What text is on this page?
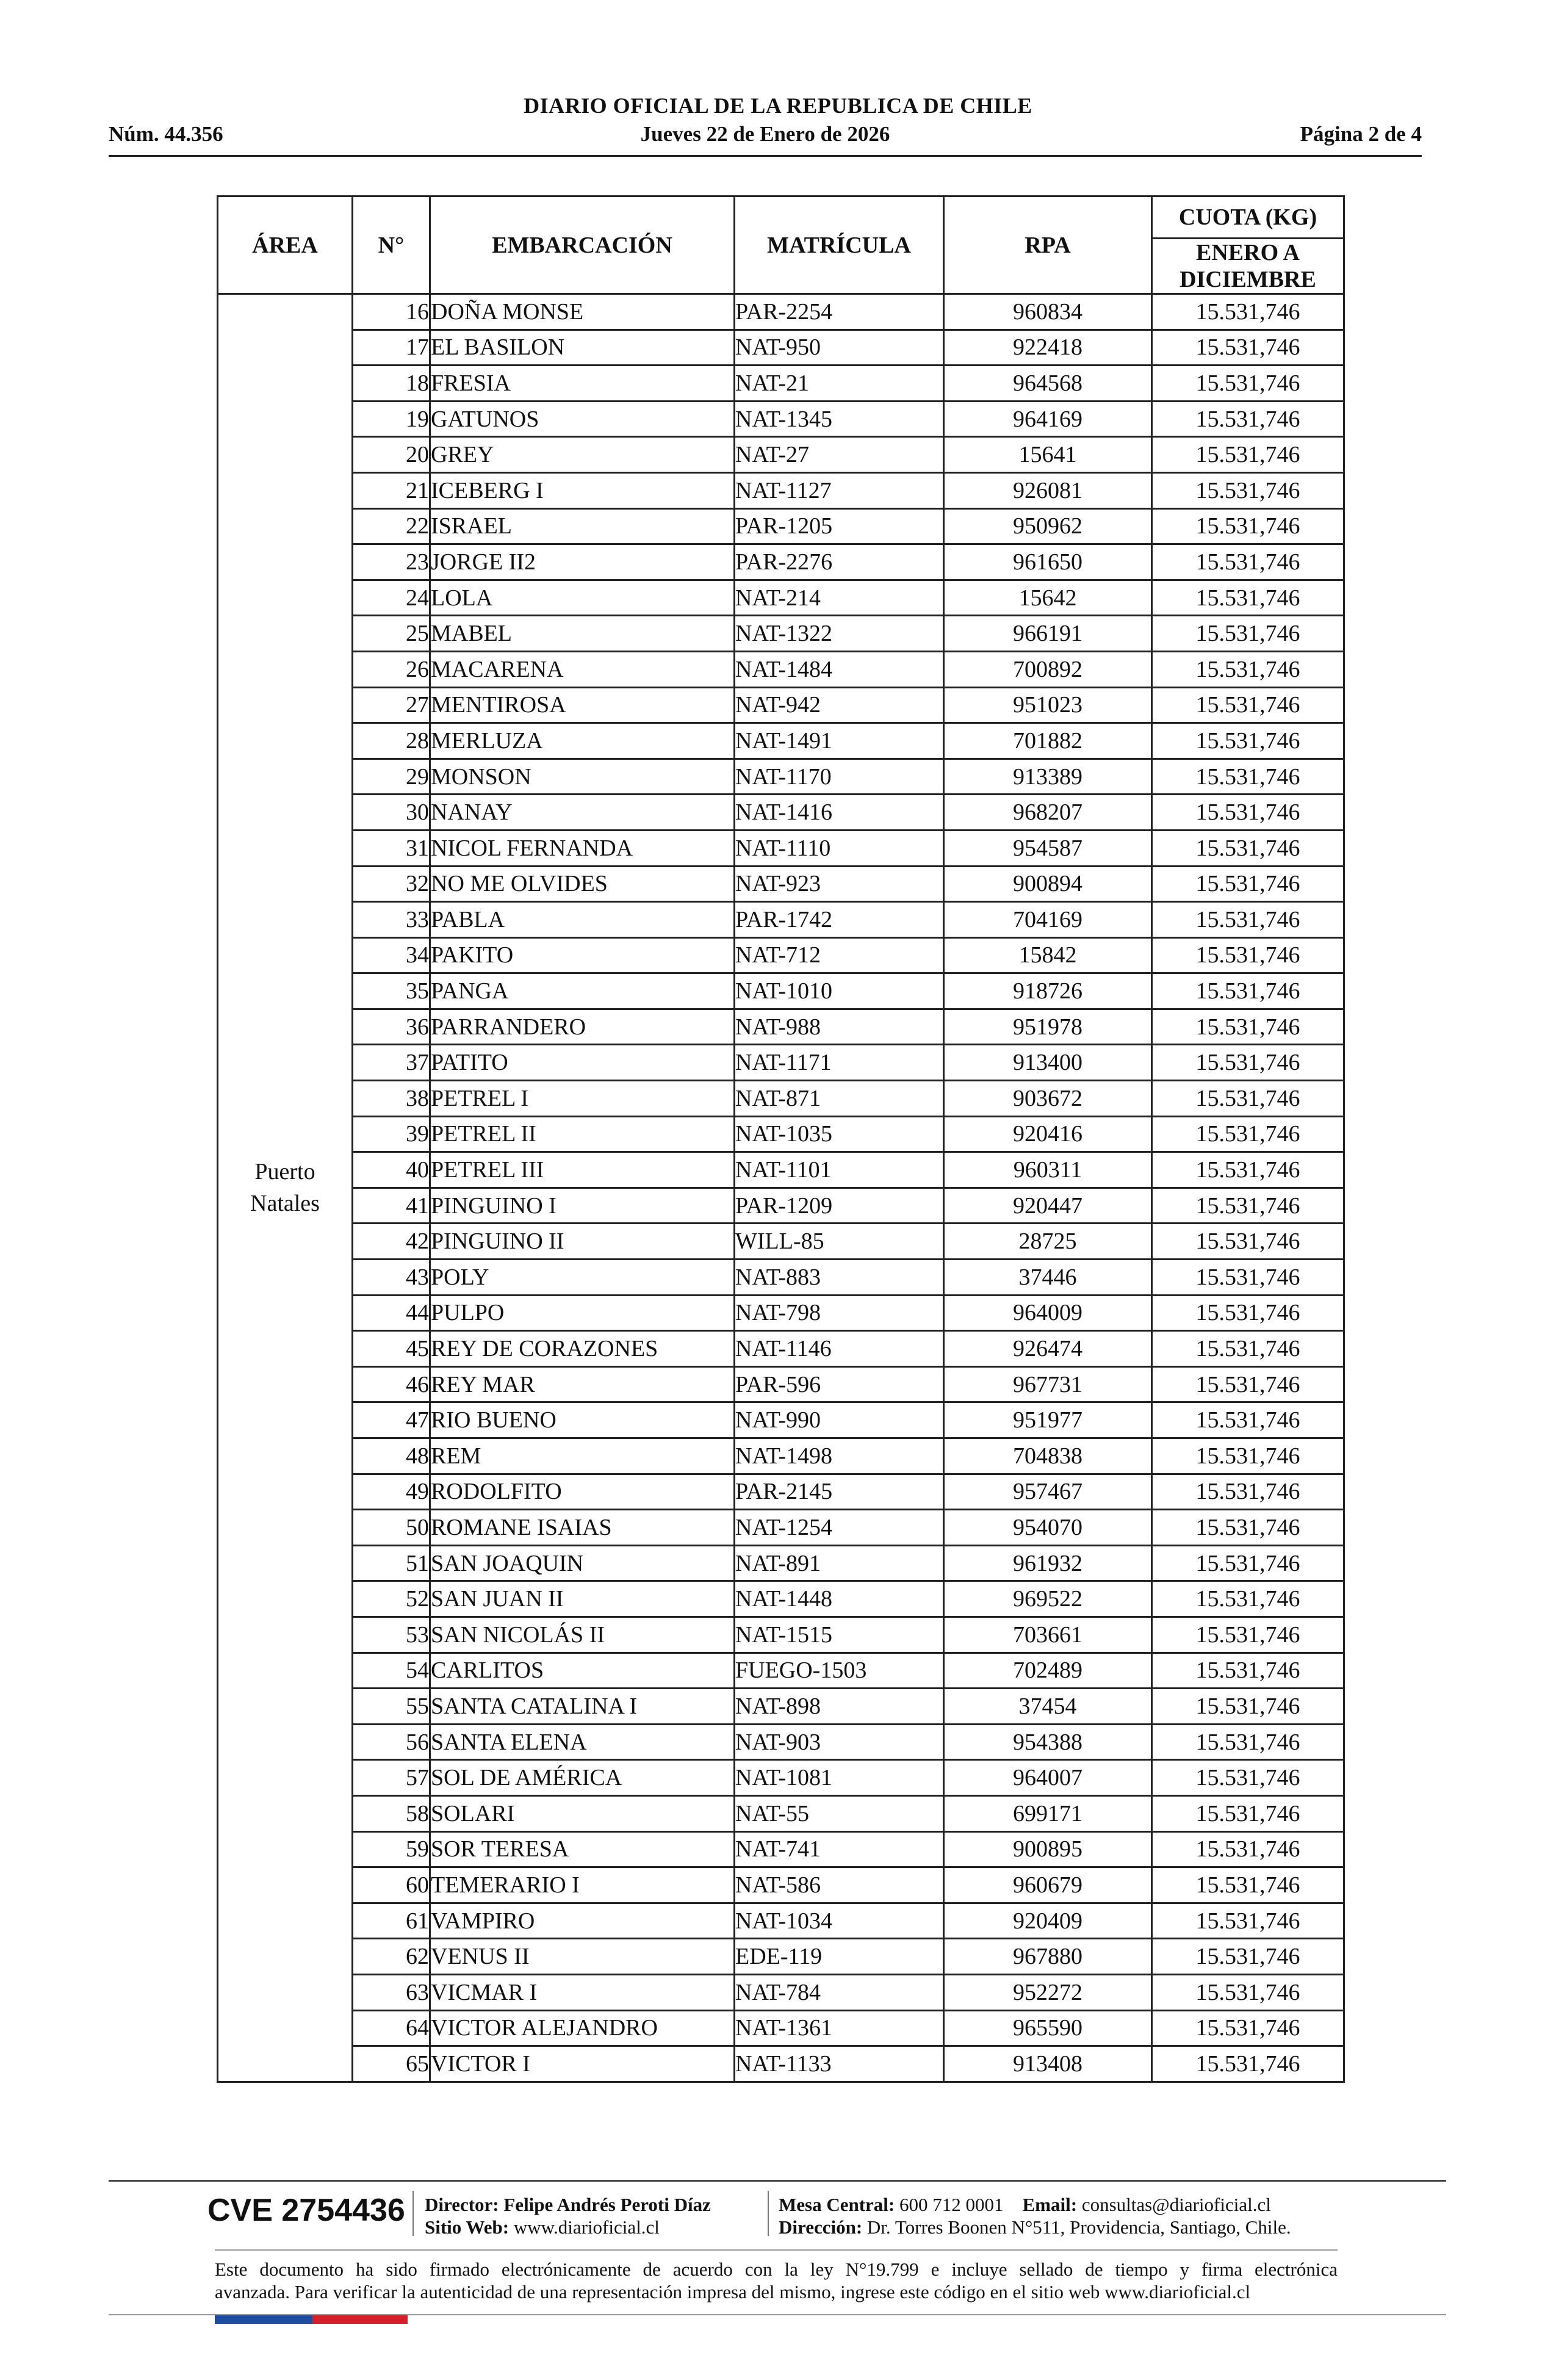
DIARIO OFICIAL DE LA REPUBLICA DE CHILE
Jueves 22 de Enero de 2026
Núm. 44.356	Página 2 de 4
ÁREA	N°	EMBARCACIÓN	MATRÍCULA	RPA	CUOTA (KG)
					ENERO A DICIEMBRE

Puerto
Natales	16	DOÑA MONSE	PAR-2254	960834	15.531,746
	17	EL BASILON	NAT-950	922418	15.531,746
	18	FRESIA	NAT-21	964568	15.531,746
	19	GATUNOS	NAT-1345	964169	15.531,746
	20	GREY	NAT-27	15641	15.531,746
	21	ICEBERG I	NAT-1127	926081	15.531,746
	22	ISRAEL	PAR-1205	950962	15.531,746
	23	JORGE II2	PAR-2276	961650	15.531,746
	24	LOLA	NAT-214	15642	15.531,746
	25	MABEL	NAT-1322	966191	15.531,746
	26	MACARENA	NAT-1484	700892	15.531,746
	27	MENTIROSA	NAT-942	951023	15.531,746
	28	MERLUZA	NAT-1491	701882	15.531,746
	29	MONSON	NAT-1170	913389	15.531,746
	30	NANAY	NAT-1416	968207	15.531,746
	31	NICOL FERNANDA	NAT-1110	954587	15.531,746
	32	NO ME OLVIDES	NAT-923	900894	15.531,746
	33	PABLA	PAR-1742	704169	15.531,746
	34	PAKITO	NAT-712	15842	15.531,746
	35	PANGA	NAT-1010	918726	15.531,746
	36	PARRANDERO	NAT-988	951978	15.531,746
	37	PATITO	NAT-1171	913400	15.531,746
	38	PETREL I	NAT-871	903672	15.531,746
	39	PETREL II	NAT-1035	920416	15.531,746
	40	PETREL III	NAT-1101	960311	15.531,746
	41	PINGUINO I	PAR-1209	920447	15.531,746
	42	PINGUINO II	WILL-85	28725	15.531,746
	43	POLY	NAT-883	37446	15.531,746
	44	PULPO	NAT-798	964009	15.531,746
	45	REY DE CORAZONES	NAT-1146	926474	15.531,746
	46	REY MAR	PAR-596	967731	15.531,746
	47	RIO BUENO	NAT-990	951977	15.531,746
	48	REM	NAT-1498	704838	15.531,746
	49	RODOLFITO	PAR-2145	957467	15.531,746
	50	ROMANE ISAIAS	NAT-1254	954070	15.531,746
	51	SAN JOAQUIN	NAT-891	961932	15.531,746
	52	SAN JUAN II	NAT-1448	969522	15.531,746
	53	SAN NICOLÁS II	NAT-1515	703661	15.531,746
	54	CARLITOS	FUEGO-1503	702489	15.531,746
	55	SANTA CATALINA I	NAT-898	37454	15.531,746
	56	SANTA ELENA	NAT-903	954388	15.531,746
	57	SOL DE AMÉRICA	NAT-1081	964007	15.531,746
	58	SOLARI	NAT-55	699171	15.531,746
	59	SOR TERESA	NAT-741	900895	15.531,746
	60	TEMERARIO I	NAT-586	960679	15.531,746
	61	VAMPIRO	NAT-1034	920409	15.531,746
	62	VENUS II	EDE-119	967880	15.531,746
	63	VICMAR I	NAT-784	952272	15.531,746
	64	VICTOR ALEJANDRO	NAT-1361	965590	15.531,746
	65	VICTOR I	NAT-1133	913408	15.531,746
CVE 2754436 Director: Felipe Andrés Peroti Díaz
Sitio Web: www.diarioficial.cl
Mesa Central: 600 712 0001 Email: consultas@diarioficial.cl
Dirección: Dr. Torres Boonen N°511, Providencia, Santiago, Chile.
Este documento ha sido firmado electrónicamente de acuerdo con la ley N°19.799 e incluye sellado de tiempo y firma electrónica
avanzada. Para verificar la autenticidad de una representación impresa del mismo, ingrese este código en el sitio web www.diarioficial.cl
